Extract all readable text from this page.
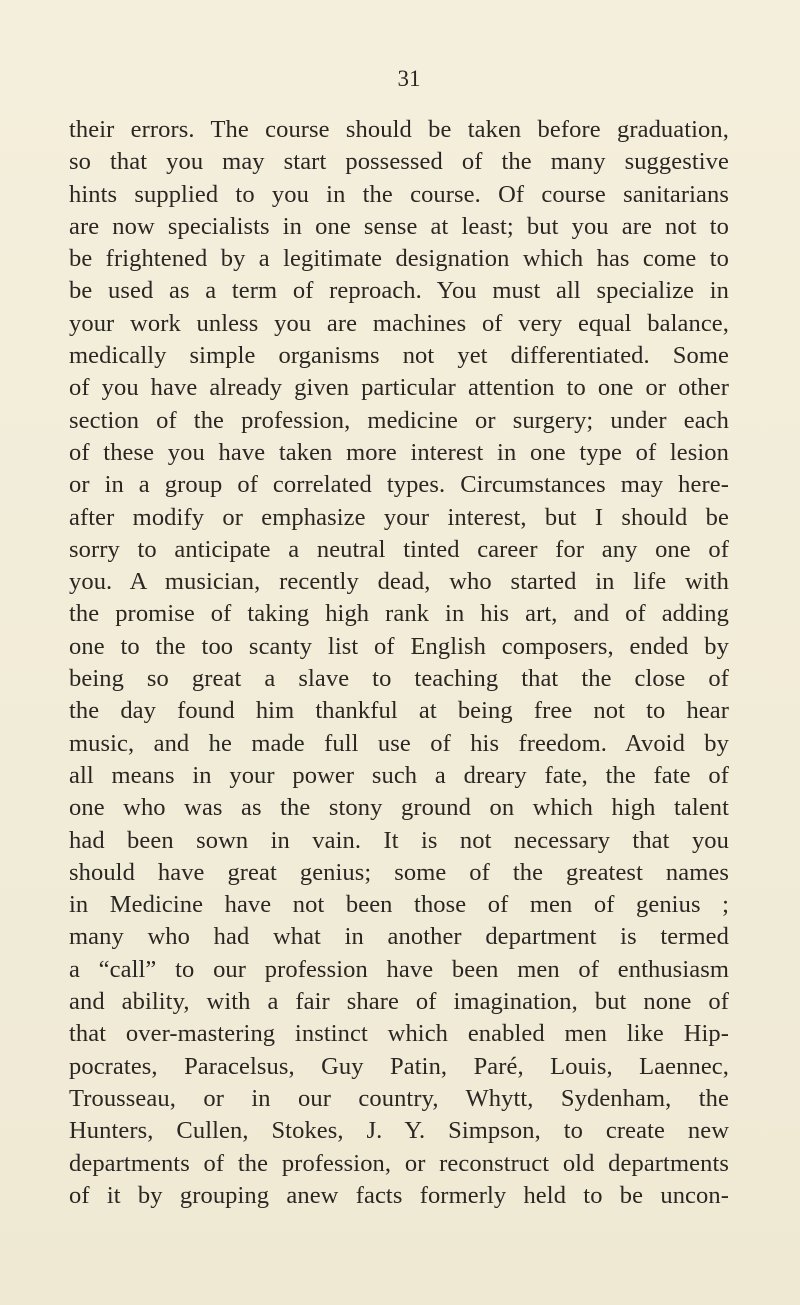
31
their errors. The course should be taken before graduation,
so that you may start possessed of the many suggestive
hints supplied to you in the course. Of course sanitarians
are now specialists in one sense at least; but you are not to
be frightened by a legitimate designation which has come to
be used as a term of reproach. You must all specialize in
your work unless you are machines of very equal balance,
medically simple organisms not yet differentiated. Some
of you have already given particular attention to one or other
section of the profession, medicine or surgery; under each
of these you have taken more interest in one type of lesion
or in a group of correlated types. Circumstances may here-
after modify or emphasize your interest, but I should be
sorry to anticipate a neutral tinted career for any one of
you. A musician, recently dead, who started in life with
the promise of taking high rank in his art, and of adding
one to the too scanty list of English composers, ended by
being so great a slave to teaching that the close of
the day found him thankful at being free not to hear
music, and he made full use of his freedom. Avoid by
all means in your power such a dreary fate, the fate of
one who was as the stony ground on which high talent
had been sown in vain. It is not necessary that you
should have great genius; some of the greatest names
in Medicine have not been those of men of genius ;
many who had what in another department is termed
a “call” to our profession have been men of enthusiasm
and ability, with a fair share of imagination, but none of
that over-mastering instinct which enabled men like Hip-
pocrates, Paracelsus, Guy Patin, Paré, Louis, Laennec,
Trousseau, or in our country, Whytt, Sydenham, the
Hunters, Cullen, Stokes, J. Y. Simpson, to create new
departments of the profession, or reconstruct old departments
of it by grouping anew facts formerly held to be uncon-
